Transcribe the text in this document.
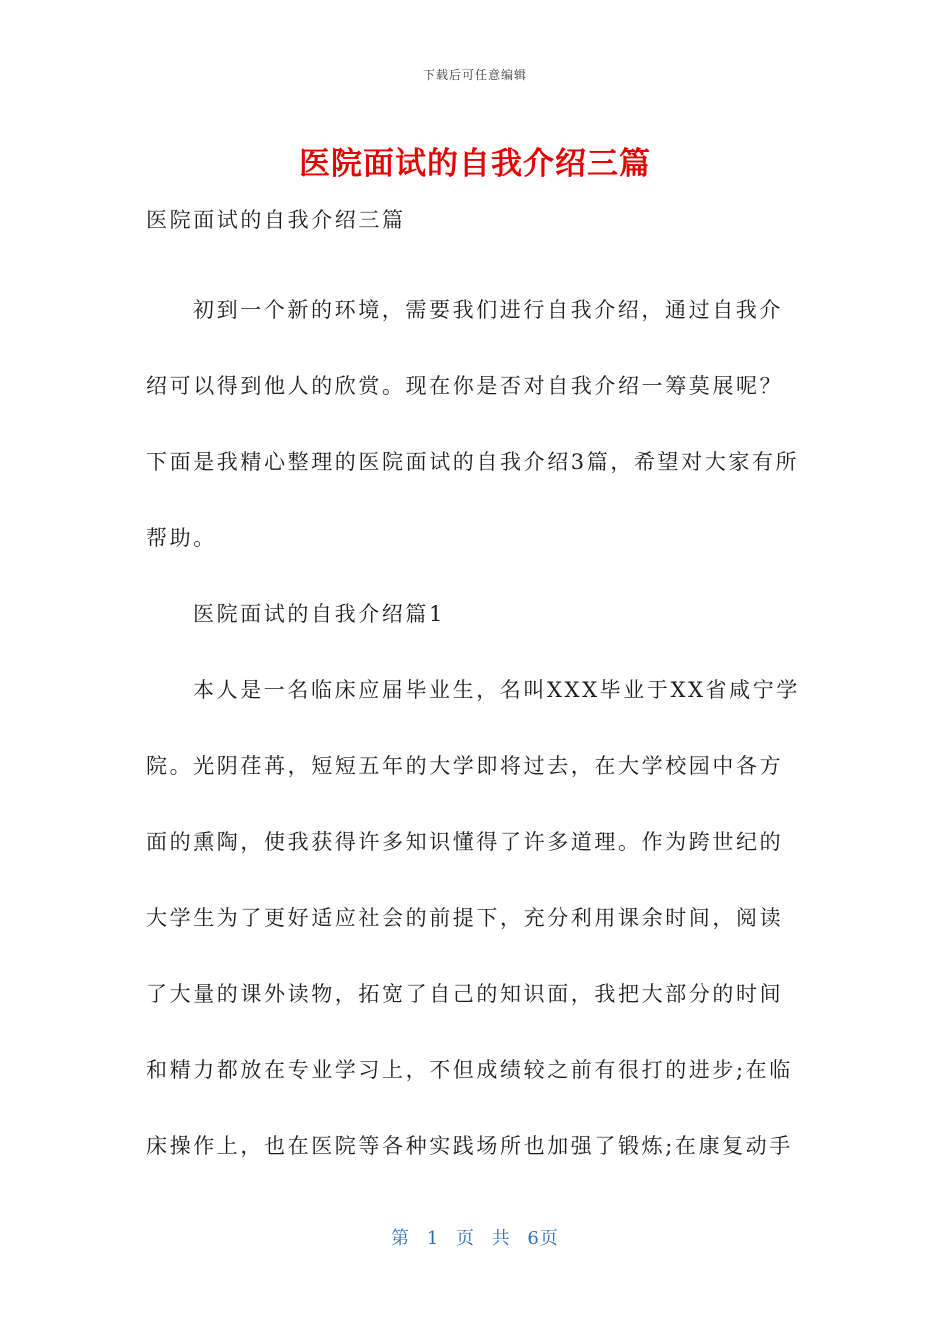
下载后可任意编辑
医院面试的自我介绍三篇

医院面试的自我介绍三篇

初到一个新的环境，需要我们进行自我介绍，通过自我介绍可以得到他人的欣赏。现在你是否对自我介绍一筹莫展呢？下面是我精心整理的医院面试的自我介绍3篇，希望对大家有所帮助。

医院面试的自我介绍篇1

本人是一名临床应届毕业生，名叫XXX毕业于XX省咸宁学院。光阴荏苒，短短五年的大学即将过去，在大学校园中各方面的熏陶，使我获得许多知识懂得了许多道理。作为跨世纪的大学生为了更好适应社会的前提下，充分利用课余时间，阅读了大量的课外读物，拓宽了自己的知识面，我把大部分的时间和精力都放在专业学习上，不但成绩较之前有很打的进步;在临床操作上，也在医院等各种实践场所也加强了锻炼;在康复动手

第 1 页 共 6页
